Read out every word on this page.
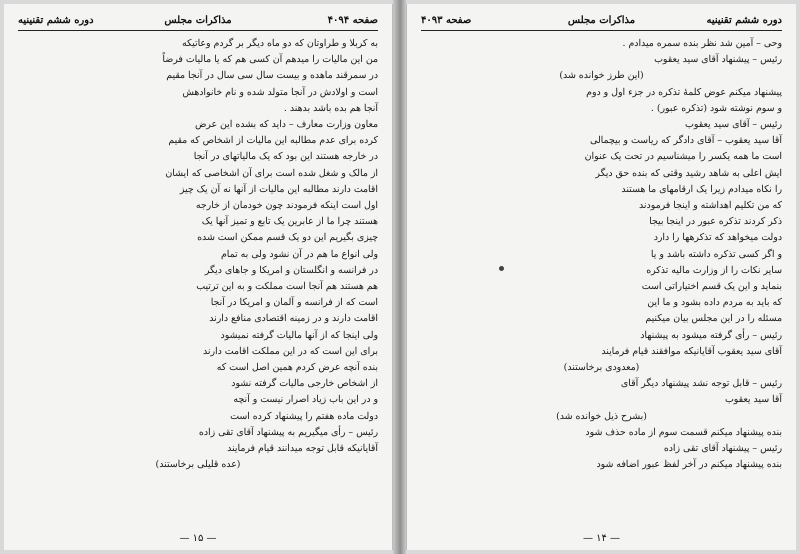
صفحه ۴۰۹۴
مذاکرات مجلس
دوره ششم تقنينيه

به کربلا و طراوتان که دو ماه دیگر بر گردم وعاتیکه

من این مالیات را میدهم آن کسی هم که یا مالیات فرضاً

در سمرقند ماهده و بیست سال سی سال در آنجا مقیم

است و اولادش در آنجا متولد شده و نام خانوادهش

آنجا هم بده باشد بدهند .

معاون وزارت معارف – داید که بشده این عرض

کرده برای عدم مطالبه این مالیات از اشخاص که مقیم

در خارجه هستند این بود که یک مالیاتهای در آنجا

از مالک و شغل شده است برای آن اشخاصی که ایشان

اقامت دارند مطالبه این مالیات از آنها نه آن یک چیز

اول است اینکه فرمودند چون خودمان از خارجه

هستند چرا ما از عابرین یک تابع و تمیز آنها یک

چیزی بگیریم این دو یک قسم ممکن است شده

ولی انواع ما هم در آن نشود ولی به تمام

در فرانسه و انگلستان و امریکا و جاهای دیگر

هم هستند هم آنجا است مملکت و به این ترتیب

است که از فرانسه و آلمان و امریکا در آنجا

اقامت دارند و در زمینه اقتصادی منافع دارند

ولی اینجا که از آنها مالیات گرفته نمیشود

برای این است که در این مملکت اقامت دارند

بنده آنچه عرض کردم همین اصل است که

از اشخاص خارجی مالیات گرفته نشود

و در این باب زیاد اصرار نیست و آنچه

دولت ماده هفتم را پیشنهاد کرده است

رئیس – رأی میگیریم به پیشنهاد آقای تقی زاده

آقایانیکه قابل توجه میدانند قیام فرمایند

(عده قلیلی برخاستند)

— ۱۵ —
دوره ششم تقنينيه
مذاکرات مجلس
صفحه ۴۰۹۳

وحی – آمین شد نظر بنده سمره میدادم .

رئیس – پیشنهاد آقای سید یعقوب

(این طرز خوانده شد)

پیشنهاد میکنم عوض کلمهٔ تذکره در جزء اول و دوم

و سوم نوشته شود (تذکره عبور) .

رئیس – آقای سید یعقوب

آقا سید یعقوب – آقای دادگر که ریاست و بیچمالی

است ما همه یکسر را میشناسیم در تحت یک عنوان

ایش اعلی به شاهد رشید وقتی که بنده حق دیگر

را نکاه میدادم زیرا یک ارقامهای ما هستند

که من تکلیم اهداشته و اینجا فرمودند

ذکر کردند تذکره عبور در اینجا بیجا

دولت میخواهد که تذکرهها را دارد

و اگر کسی تذکره داشته باشد و یا

سایر نکات را از وزارت مالیه تذکره

بنماید و این یک قسم اختیاراتی است

که باید به مردم داده بشود و ما این

مسئله را در این مجلس بیان میکنیم

رئیس – رأی گرفته میشود به پیشنهاد

آقای سید یعقوب آقایانیکه موافقند قیام فرمایند

(معدودی برخاستند)

رئیس – قابل توجه نشد پیشنهاد دیگر آقای

آقا سید یعقوب

(بشرح ذیل خوانده شد)

بنده پیشنهاد میکنم قسمت سوم از ماده حذف شود

رئیس – پیشنهاد آقای تقی زاده

بنده پیشنهاد میکنم در آخر لفظ عبور اضافه شود

— ۱۴ —
